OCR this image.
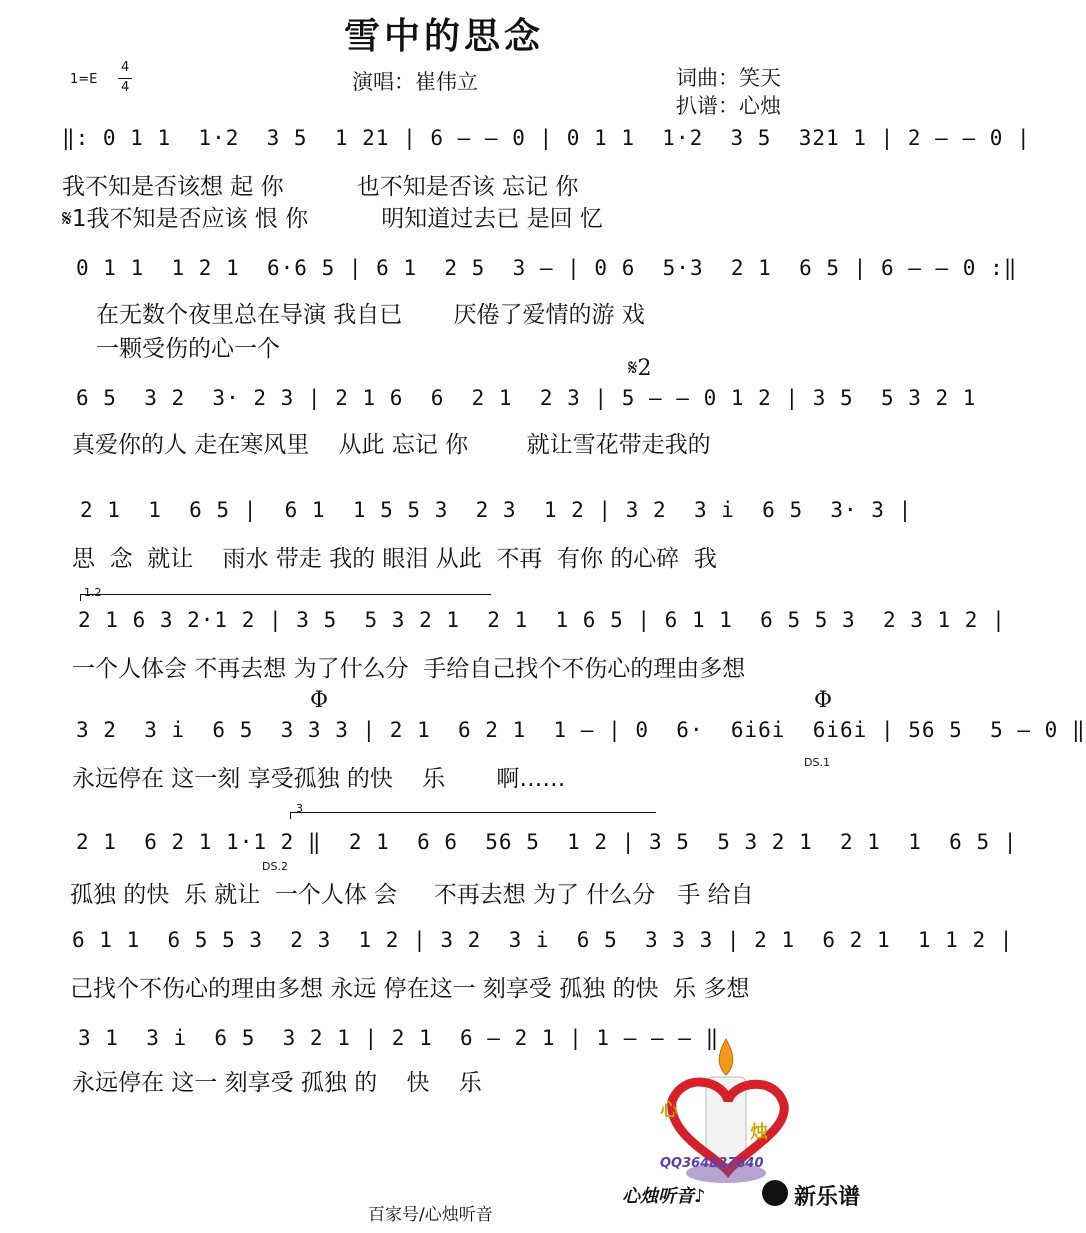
雪中的思念
1=E
4
4	演唱：崔伟立	词曲：笑天
扒谱：心烛
‖: 0 1 1  1·2  3 5  1 21 | 6 – – 0 | 0 1 1  1·2  3 5  321 1 | 2 – – 0 |
我不知是否该想 起 你          也不知是否该 忘记 你
𝄋1我不知是否应该 恨 你          明知道过去已 是回 忆
0 1 1  1 2 1  6·6 5 | 6 1  2 5  3 – | 0 6  5·3  2 1  6 5 | 6 – – 0 :‖
在无数个夜里总在导演 我自已       厌倦了爱情的游 戏
一颗受伤的心一个
𝄋2
6 5  3 2  3· 2 3 | 2 1 6  6  2 1  2 3 | 5 – – 0 1 2 | 3 5  5 3 2 1
真爱你的人 走在寒风里    从此 忘记 你        就让雪花带走我的
2 1  1  6 5 |  6 1  1 5 5 3  2 3  1 2 | 3 2  3 i  6 5  3· 3 |
思  念  就让    雨水 带走 我的 眼泪 从此  不再  有你 的心碎  我
1.2
2 1 6 3 2·1 2 | 3 5  5 3 2 1  2 1  1 6 5 | 6 1 1  6 5 5 3  2 3 1 2 |
一个人体会 不再去想 为了什么分  手给自己找个不伤心的理由多想
Φ	Φ
3 2  3 i  6 5  3 3 3 | 2 1  6 2 1  1 – | 0  6·  6i6i  6i6i | 56 5  5 – 0 ‖
DS.1
永远停在 这一刻 享受孤独 的快    乐       啊……
3
2 1  6 2 1 1·1 2 ‖  2 1  6 6  56 5  1 2 | 3 5  5 3 2 1  2 1  1  6 5 |
DS.2
孤独 的快  乐 就让  一个人体 会     不再去想 为了 什么分   手 给自
6 1 1  6 5 5 3  2 3  1 2 | 3 2  3 i  6 5  3 3 3 | 2 1  6 2 1  1 1 2 |
己找个不伤心的理由多想 永远 停在这一 刻享受 孤独 的快  乐 多想
3 1  3 i  6 5  3 2 1 | 2 1  6 – 2 1 | 1 – – – ‖
永远停在 这一 刻享受 孤独 的    快    乐

心

烛

QQ364827640
心烛听音♪	新乐谱
百家号/心烛听音
